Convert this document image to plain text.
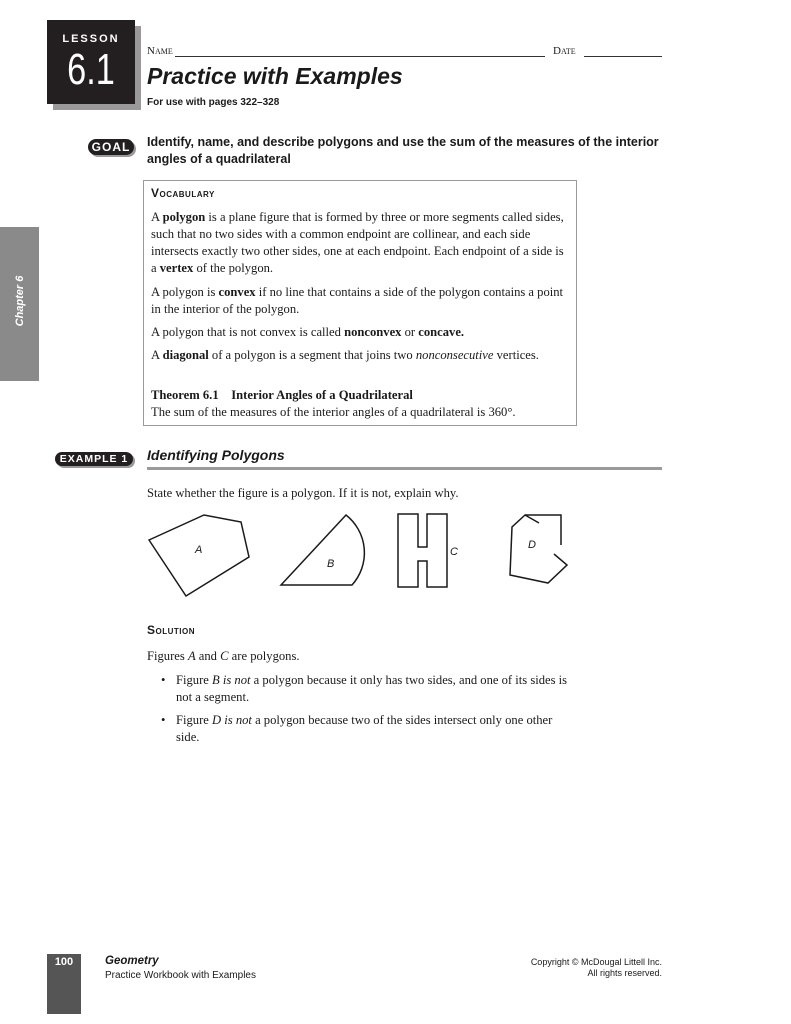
LESSON
6.1	Name	Date
Practice with Examples
For use with pages 322–328
Chapter 6
GOAL Identify, name, and describe polygons and use the sum of the measures of the interior angles of a quadrilateral
Vocabulary
A polygon is a plane figure that is formed by three or more segments called sides, such that no two sides with a common endpoint are collinear, and each side intersects exactly two other sides, one at each endpoint. Each endpoint of a side is a vertex of the polygon.
A polygon is convex if no line that contains a side of the polygon contains a point in the interior of the polygon.
A polygon that is not convex is called nonconvex or concave.
A diagonal of a polygon is a segment that joins two nonconsecutive vertices.
Theorem 6.1    Interior Angles of a Quadrilateral
The sum of the measures of the interior angles of a quadrilateral is 360°.
EXAMPLE 1	Identifying Polygons
State whether the figure is a polygon. If it is not, explain why.
A
B
C
D
Solution
Figures A and C are polygons.
• Figure B is not a polygon because it only has two sides, and one of its sides is not a segment.
• Figure D is not a polygon because two of the sides intersect only one other side.
100	Geometry
Practice Workbook with Examples
Copyright © McDougal Littell Inc.
All rights reserved.
